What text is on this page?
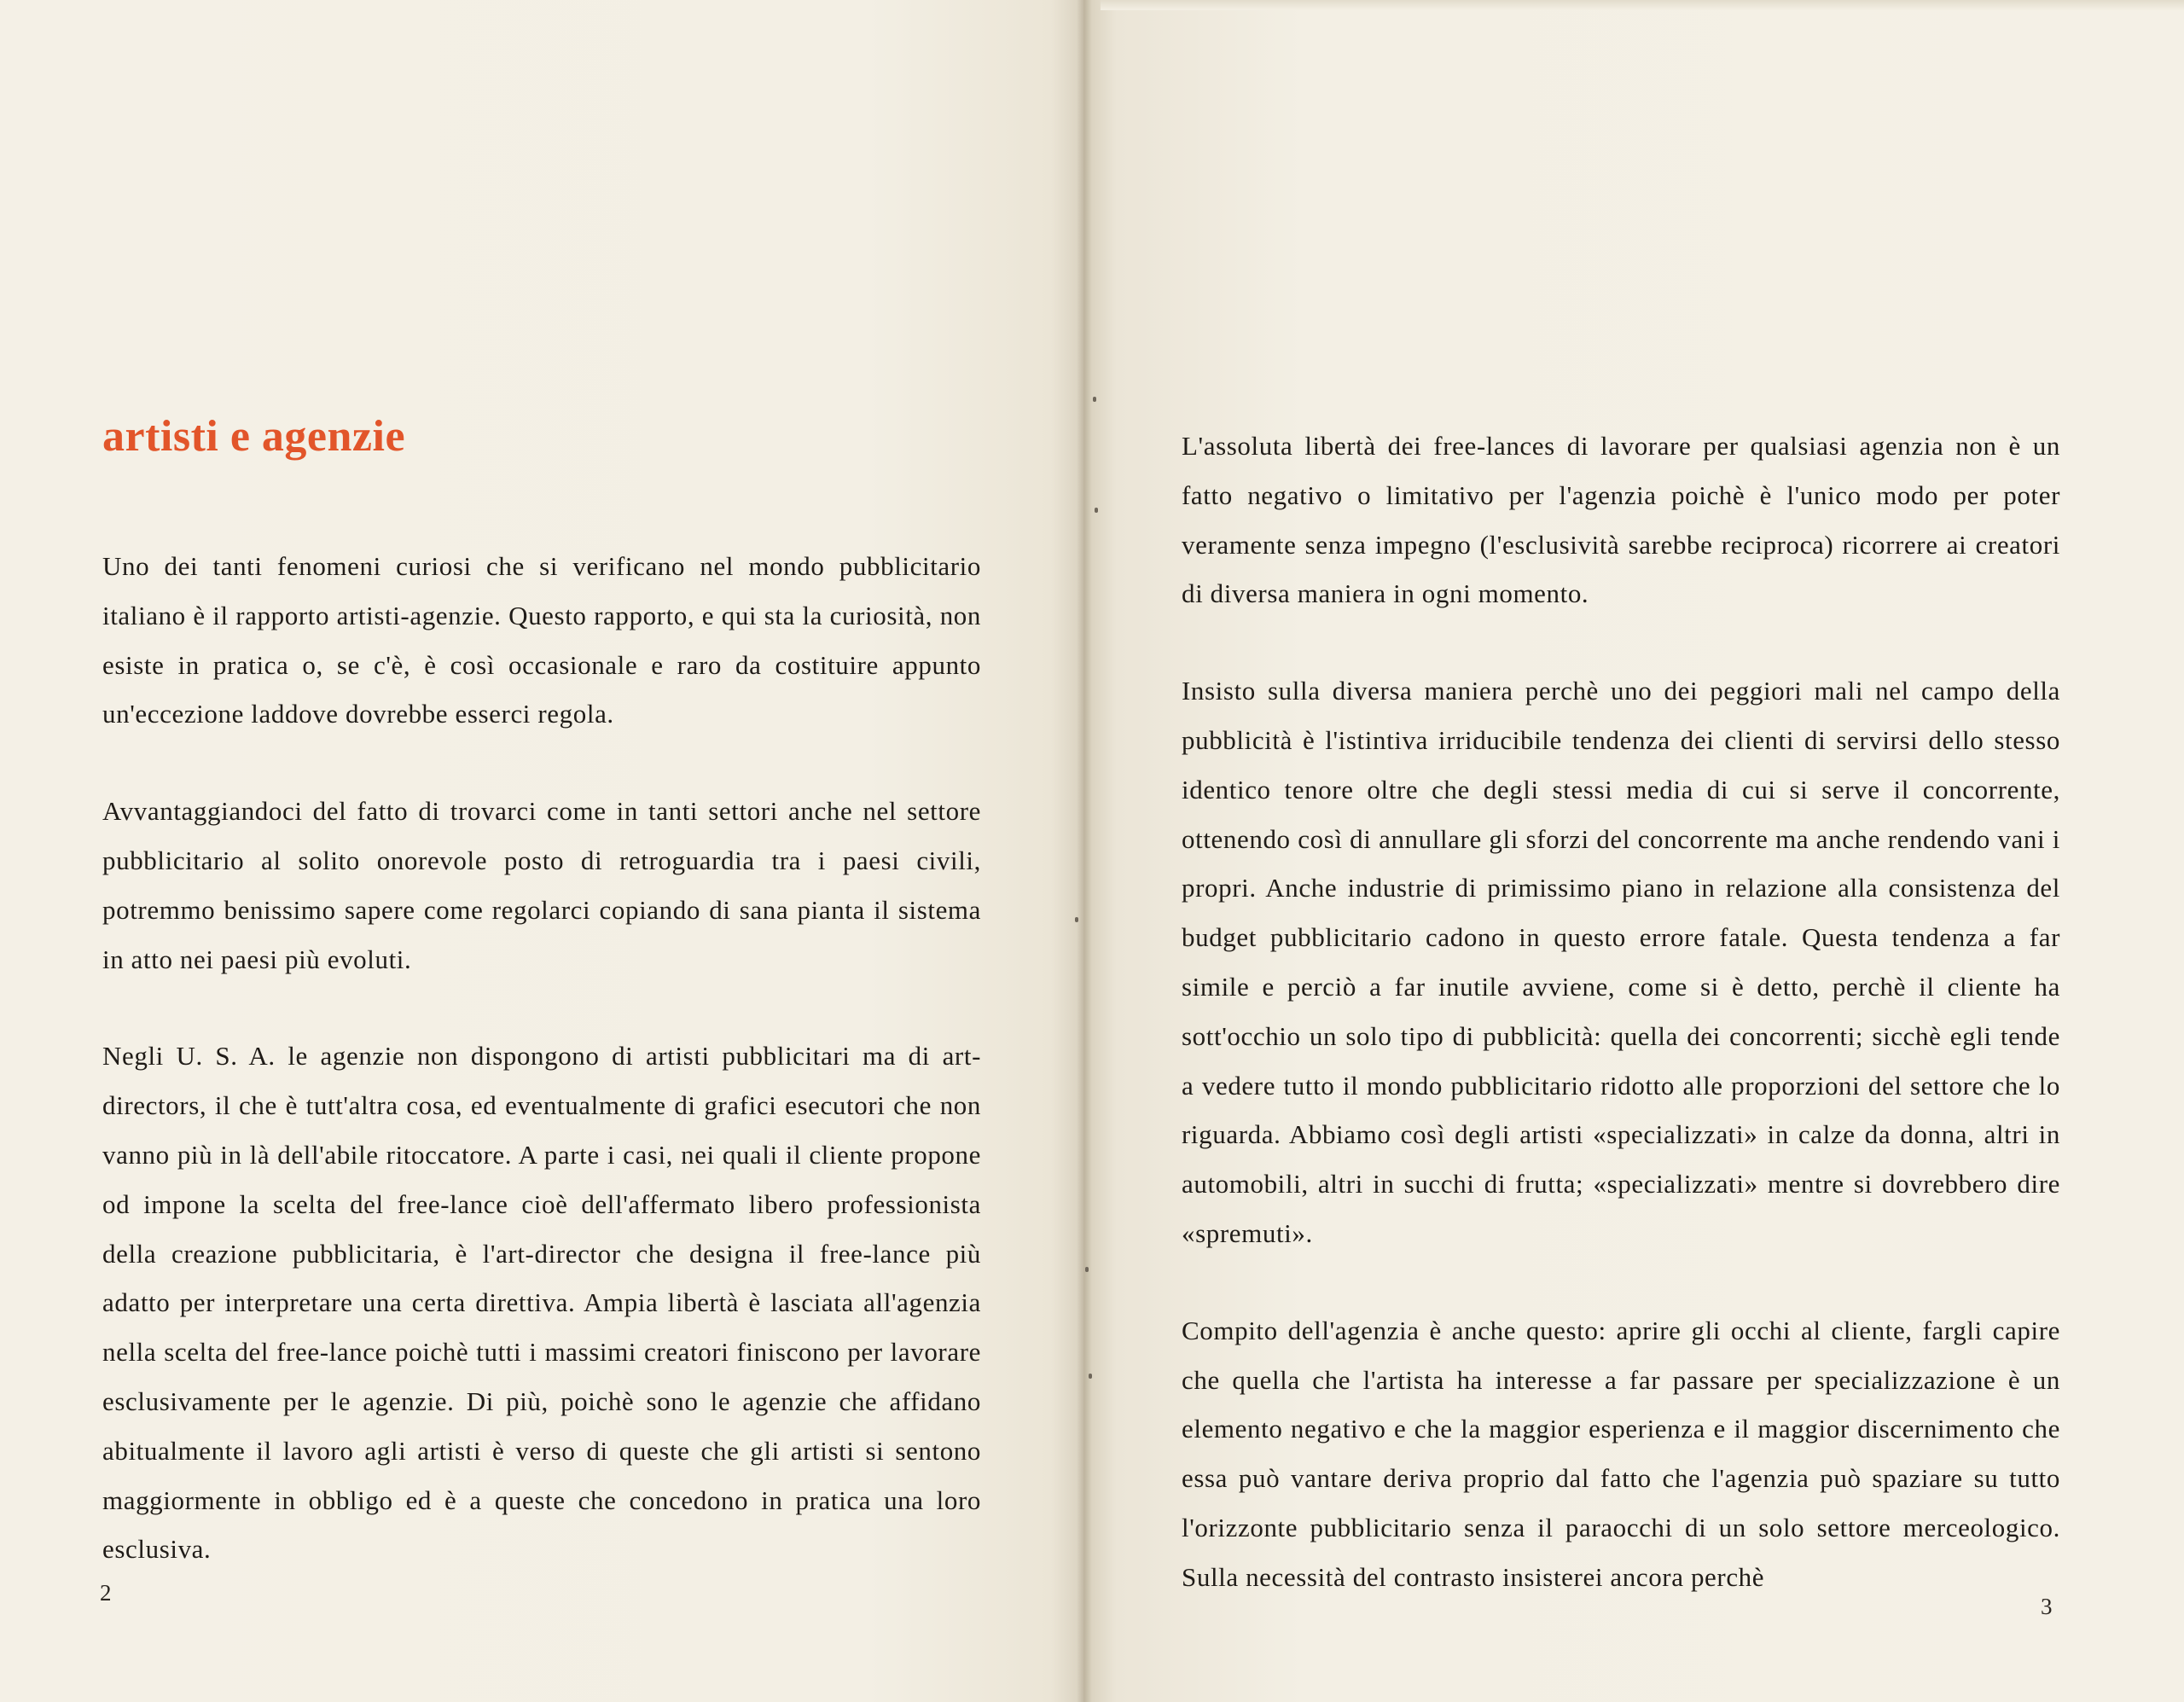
artisti e agenzie

Uno dei tanti fenomeni curiosi che si verificano nel mondo pubblicitario italiano è il rapporto artisti-agenzie. Questo rapporto, e qui sta la curiosità, non esiste in pratica o, se c'è, è così occasionale e raro da costituire appunto un'eccezione laddove dovrebbe esserci regola.

Avvantaggiandoci del fatto di trovarci come in tanti settori anche nel settore pubblicitario al solito onorevole posto di retroguardia tra i paesi civili, potremmo benissimo sapere come regolarci copiando di sana pianta il sistema in atto nei paesi più evoluti.

Negli U. S. A. le agenzie non dispongono di artisti pubblicitari ma di art-directors, il che è tutt'altra cosa, ed eventualmente di grafici esecutori che non vanno più in là dell'abile ritoccatore. A parte i casi, nei quali il cliente propone od impone la scelta del free-lance cioè dell'affermato libero professionista della creazione pubblicitaria, è l'art-director che designa il free-lance più adatto per interpretare una certa direttiva. Ampia libertà è lasciata all'agenzia nella scelta del free-lance poichè tutti i massimi creatori finiscono per lavorare esclusivamente per le agenzie. Di più, poichè sono le agenzie che affidano abitualmente il lavoro agli artisti è verso di queste che gli artisti si sentono maggiormente in obbligo ed è a queste che concedono in pratica una loro esclusiva.

2

L'assoluta libertà dei free-lances di lavorare per qualsiasi agenzia non è un fatto negativo o limitativo per l'agenzia poichè è l'unico modo per poter veramente senza impegno (l'esclusività sarebbe reciproca) ricorrere ai creatori di diversa maniera in ogni momento.

Insisto sulla diversa maniera perchè uno dei peggiori mali nel campo della pubblicità è l'istintiva irriducibile tendenza dei clienti di servirsi dello stesso identico tenore oltre che degli stessi media di cui si serve il concorrente, ottenendo così di annullare gli sforzi del concorrente ma anche rendendo vani i propri. Anche industrie di primissimo piano in relazione alla consistenza del budget pubblicitario cadono in questo errore fatale. Questa tendenza a far simile e perciò a far inutile avviene, come si è detto, perchè il cliente ha sott'occhio un solo tipo di pubblicità: quella dei concorrenti; sicchè egli tende a vedere tutto il mondo pubblicitario ridotto alle proporzioni del settore che lo riguarda. Abbiamo così degli artisti «specializzati» in calze da donna, altri in automobili, altri in succhi di frutta; «specializzati» mentre si dovrebbero dire «spremuti».

Compito dell'agenzia è anche questo: aprire gli occhi al cliente, fargli capire che quella che l'artista ha interesse a far passare per specializzazione è un elemento negativo e che la maggior esperienza e il maggior discernimento che essa può vantare deriva proprio dal fatto che l'agenzia può spaziare su tutto l'orizzonte pubblicitario senza il paraocchi di un solo settore merceologico. Sulla necessità del contrasto insisterei ancora perchè

3
